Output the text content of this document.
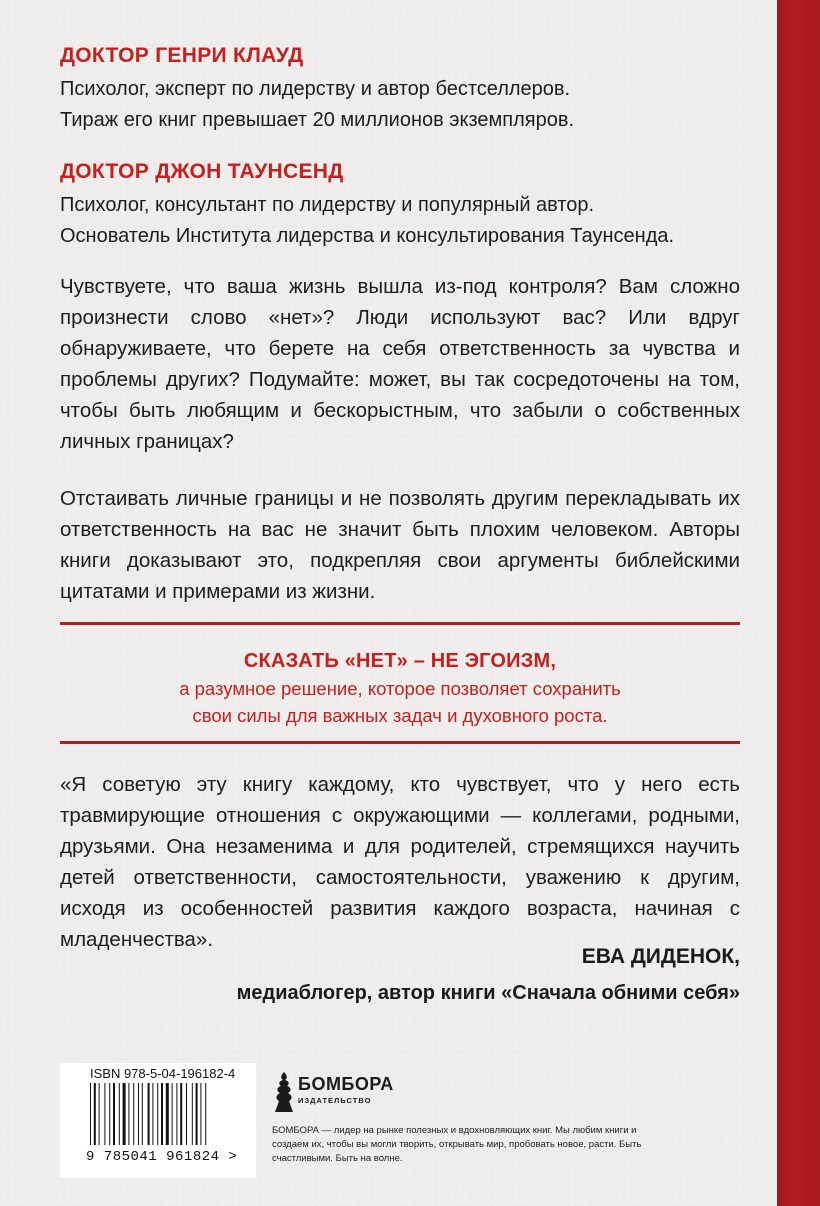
ДОКТОР ГЕНРИ КЛАУД
Психолог, эксперт по лидерству и автор бестселлеров.
Тираж его книг превышает 20 миллионов экземпляров.
ДОКТОР ДЖОН ТАУНСЕНД
Психолог, консультант по лидерству и популярный автор.
Основатель Института лидерства и консультирования Таунсенда.

Чувствуете, что ваша жизнь вышла из-под контроля? Вам сложно произнести слово «нет»? Люди используют вас? Или вдруг обнаруживаете, что берете на себя ответственность за чувства и проблемы других? Подумайте: может, вы так сосредоточены на том, чтобы быть любящим и бескорыстным, что забыли о собственных личных границах?

Отстаивать личные границы и не позволять другим перекладывать их ответственность на вас не значит быть плохим человеком. Авторы книги доказывают это, подкрепляя свои аргументы библейскими цитатами и примерами из жизни.

СКАЗАТЬ «НЕТ» – НЕ ЭГОИЗМ,
а разумное решение, которое позволяет сохранить
свои силы для важных задач и духовного роста.

«Я советую эту книгу каждому, кто чувствует, что у него есть травмирующие отношения с окружающими — коллегами, родными, друзьями. Она незаменима и для родителей, стремящихся научить детей ответственности, самостоятельности, уважению к другим, исходя из особенностей развития каждого возраста, начиная с младенчества».

ЕВА ДИДЕНОК,

медиаблогер, автор книги «Сначала обними себя»

ISBN 978-5-04-196182-4
9 785041 961824 >
БОМБОРА
ИЗДАТЕЛЬСТВО

БОМБОРА — лидер на рынке полезных и вдохновляющих книг. Мы любим книги и создаем их, чтобы вы могли творить, открывать мир, пробовать новое, расти. Быть счастливыми. Быть на волне.
